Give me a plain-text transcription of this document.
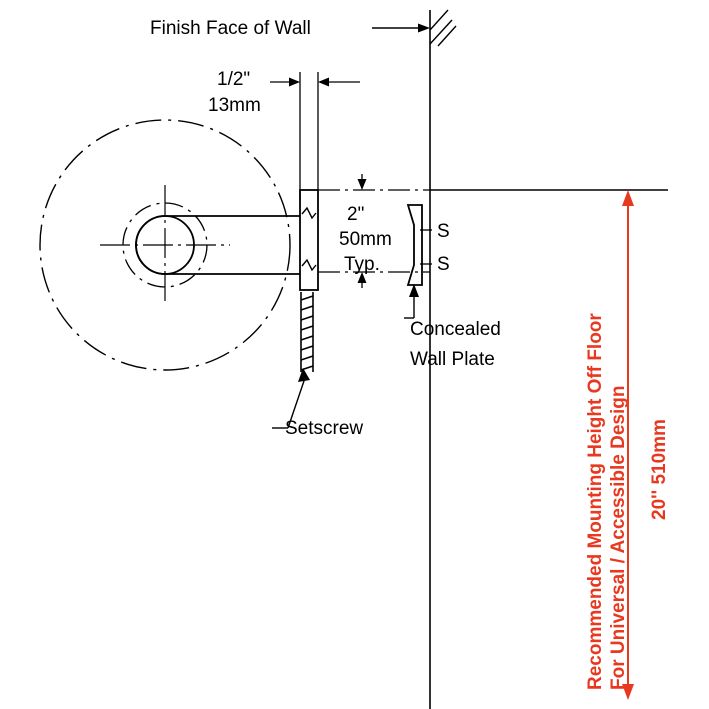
Finish Face of Wall
1/2"
13mm
2"
50mm
Typ.
S
S
Concealed
Wall Plate
Setscrew	Recommended Mounting Height Off Floor For Universal / Accessible Design 20'' 510mm
